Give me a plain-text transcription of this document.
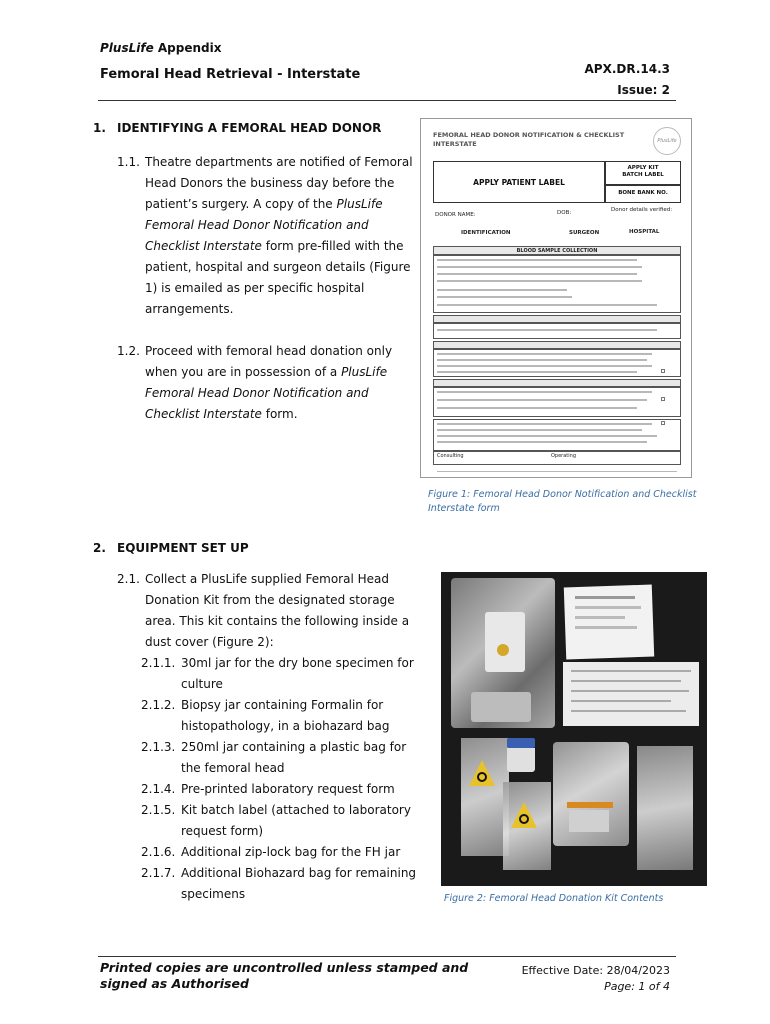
PlusLife Appendix
Femoral Head Retrieval - Interstate	APX.DR.14.3
Issue: 2
1. IDENTIFYING A FEMORAL HEAD DONOR
1.1. Theatre departments are notified of Femoral Head Donors the business day before the patient’s surgery. A copy of the PlusLife Femoral Head Donor Notification and Checklist Interstate form pre-filled with the patient, hospital and surgeon details (Figure 1) is emailed as per specific hospital arrangements.
1.2. Proceed with femoral head donation only when you are in possession of a PlusLife Femoral Head Donor Notification and Checklist Interstate form.
FEMORAL HEAD DONOR NOTIFICATION & CHECKLIST
INTERSTATE	PlusLife
APPLY PATIENT LABEL
APPLY KIT
BATCH LABEL
BONE BANK NO.
DONOR NAME:	DOB:	Donor details verified:
IDENTIFICATION	SURGEON	HOSPITAL
BLOOD SAMPLE COLLECTION
Consulting	Operating
Figure 1: Femoral Head Donor Notification and Checklist Interstate form
2. EQUIPMENT SET UP
2.1. Collect a PlusLife supplied Femoral Head Donation Kit from the designated storage area. This kit contains the following inside a dust cover (Figure 2):
2.1.1. 30ml jar for the dry bone specimen for culture
2.1.2. Biopsy jar containing Formalin for histopathology, in a biohazard bag
2.1.3. 250ml jar containing a plastic bag for the femoral head
2.1.4. Pre-printed laboratory request form
2.1.5. Kit batch label (attached to laboratory request form)
2.1.6. Additional zip-lock bag for the FH jar
2.1.7. Additional Biohazard bag for remaining specimens	Figure 2: Femoral Head Donation Kit Contents
Printed copies are uncontrolled unless stamped and
signed as Authorised
Effective Date: 28/04/2023
Page: 1 of 4
